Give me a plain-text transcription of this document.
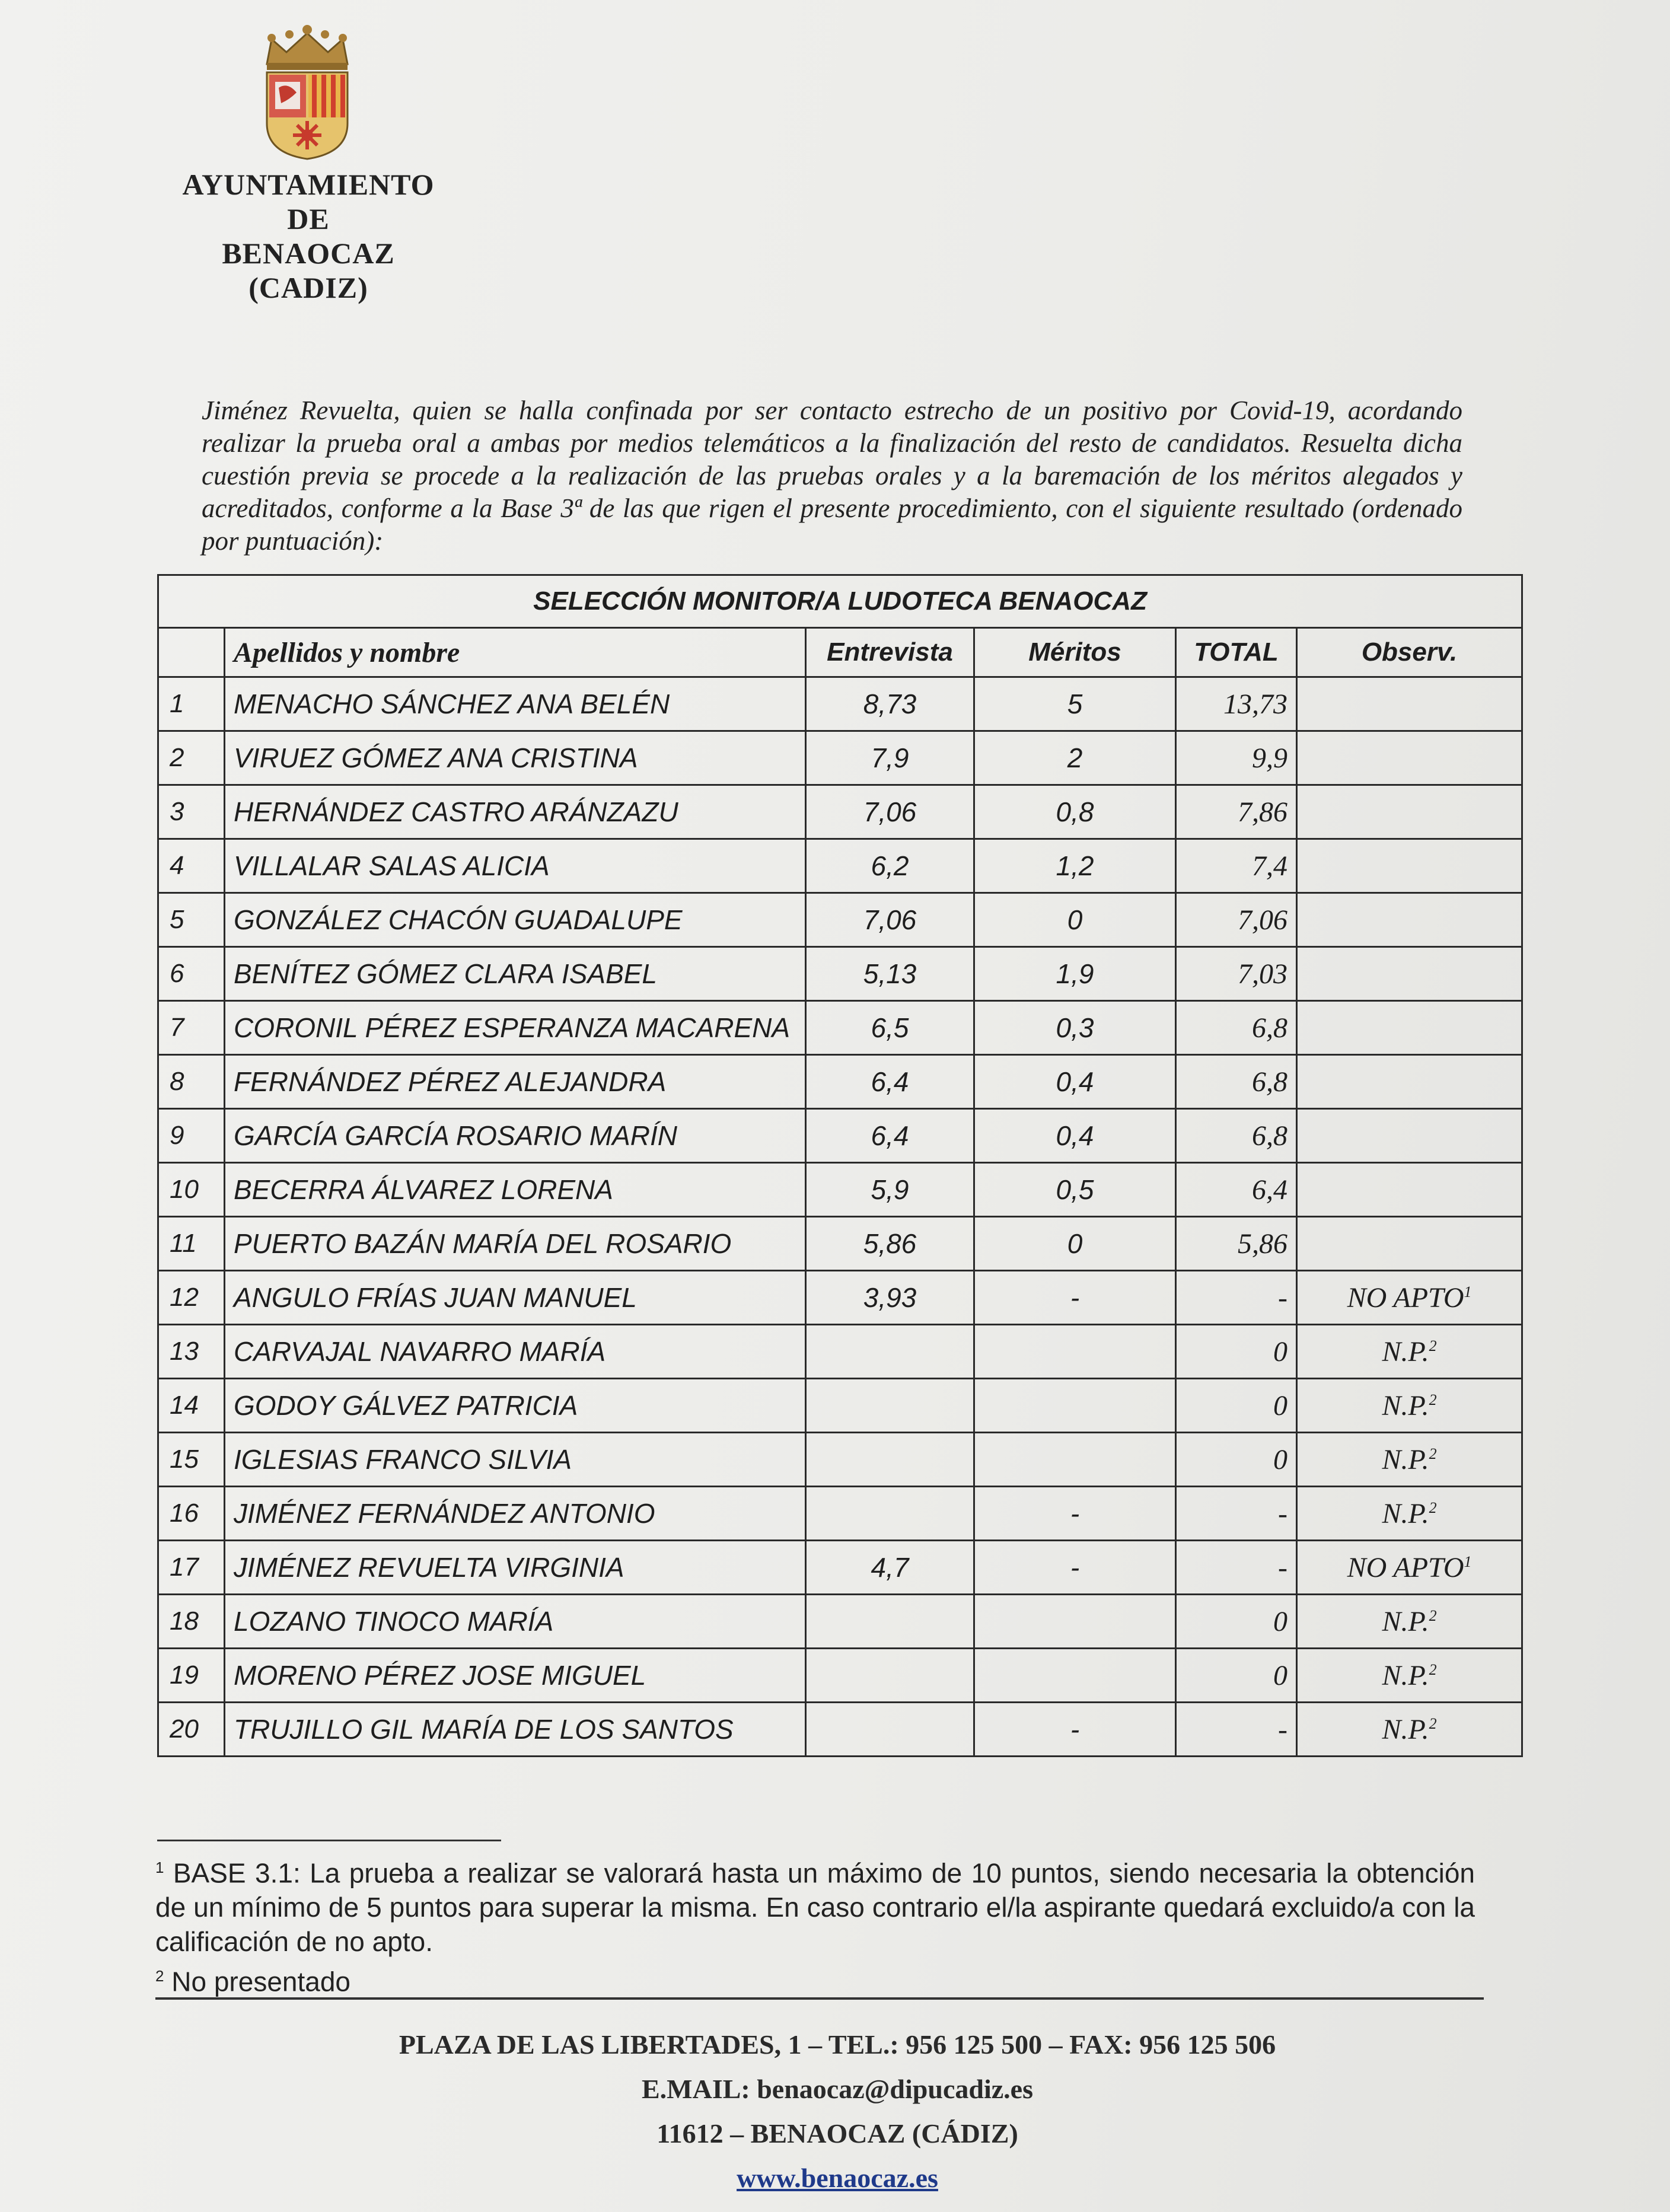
AYUNTAMIENTO
DE
BENAOCAZ
(CADIZ)

Jiménez Revuelta, quien se halla confinada por ser contacto estrecho de un positivo por Covid-19, acordando realizar la prueba oral a ambas por medios telemáticos a la finalización del resto de candidatos. Resuelta dicha cuestión previa se procede a la realización de las pruebas orales y a la baremación de los méritos alegados y acreditados, conforme a la Base 3ª de las que rigen el presente procedimiento, con el siguiente resultado (ordenado por puntuación):

SELECCIÓN MONITOR/A LUDOTECA BENAOCAZ					
	Apellidos y nombre	Entrevista	Méritos	TOTAL	Observ.
1	MENACHO SÁNCHEZ ANA BELÉN	8,73	5	13,73	
2	VIRUEZ GÓMEZ ANA CRISTINA	7,9	2	9,9	
3	HERNÁNDEZ CASTRO ARÁNZAZU	7,06	0,8	7,86	
4	VILLALAR SALAS ALICIA	6,2	1,2	7,4	
5	GONZÁLEZ CHACÓN GUADALUPE	7,06	0	7,06	
6	BENÍTEZ GÓMEZ CLARA ISABEL	5,13	1,9	7,03	
7	CORONIL PÉREZ ESPERANZA MACARENA	6,5	0,3	6,8	
8	FERNÁNDEZ PÉREZ ALEJANDRA	6,4	0,4	6,8	
9	GARCÍA GARCÍA ROSARIO MARÍN	6,4	0,4	6,8	
10	BECERRA ÁLVAREZ LORENA	5,9	0,5	6,4	
11	PUERTO BAZÁN MARÍA DEL ROSARIO	5,86	0	5,86	
12	ANGULO FRÍAS JUAN MANUEL	3,93	-	-	NO APTO$^1$
13	CARVAJAL NAVARRO MARÍA			0	N.P.$^2$
14	GODOY GÁLVEZ PATRICIA			0	N.P.$^2$
15	IGLESIAS FRANCO SILVIA			0	N.P.$^2$
16	JIMÉNEZ FERNÁNDEZ ANTONIO		-	-	N.P.$^2$
17	JIMÉNEZ REVUELTA VIRGINIA	4,7	-	-	NO APTO$^1$
18	LOZANO TINOCO MARÍA			0	N.P.$^2$
19	MORENO PÉREZ JOSE MIGUEL			0	N.P.$^2$
20	TRUJILLO GIL MARÍA DE LOS SANTOS		-	-	N.P.$^2$
$^1$ BASE 3.1: La prueba a realizar se valorará hasta un máximo de 10 puntos, siendo necesaria la obtención de un mínimo de 5 puntos para superar la misma. En caso contrario el/la aspirante quedará excluido/a con la calificación de no apto.
$^2$ No presentado
PLAZA DE LAS LIBERTADES, 1 – TEL.: 956 125 500 – FAX: 956 125 506
E.MAIL: benaocaz@dipucadiz.es
11612 – BENAOCAZ (CÁDIZ)
www.benaocaz.es
